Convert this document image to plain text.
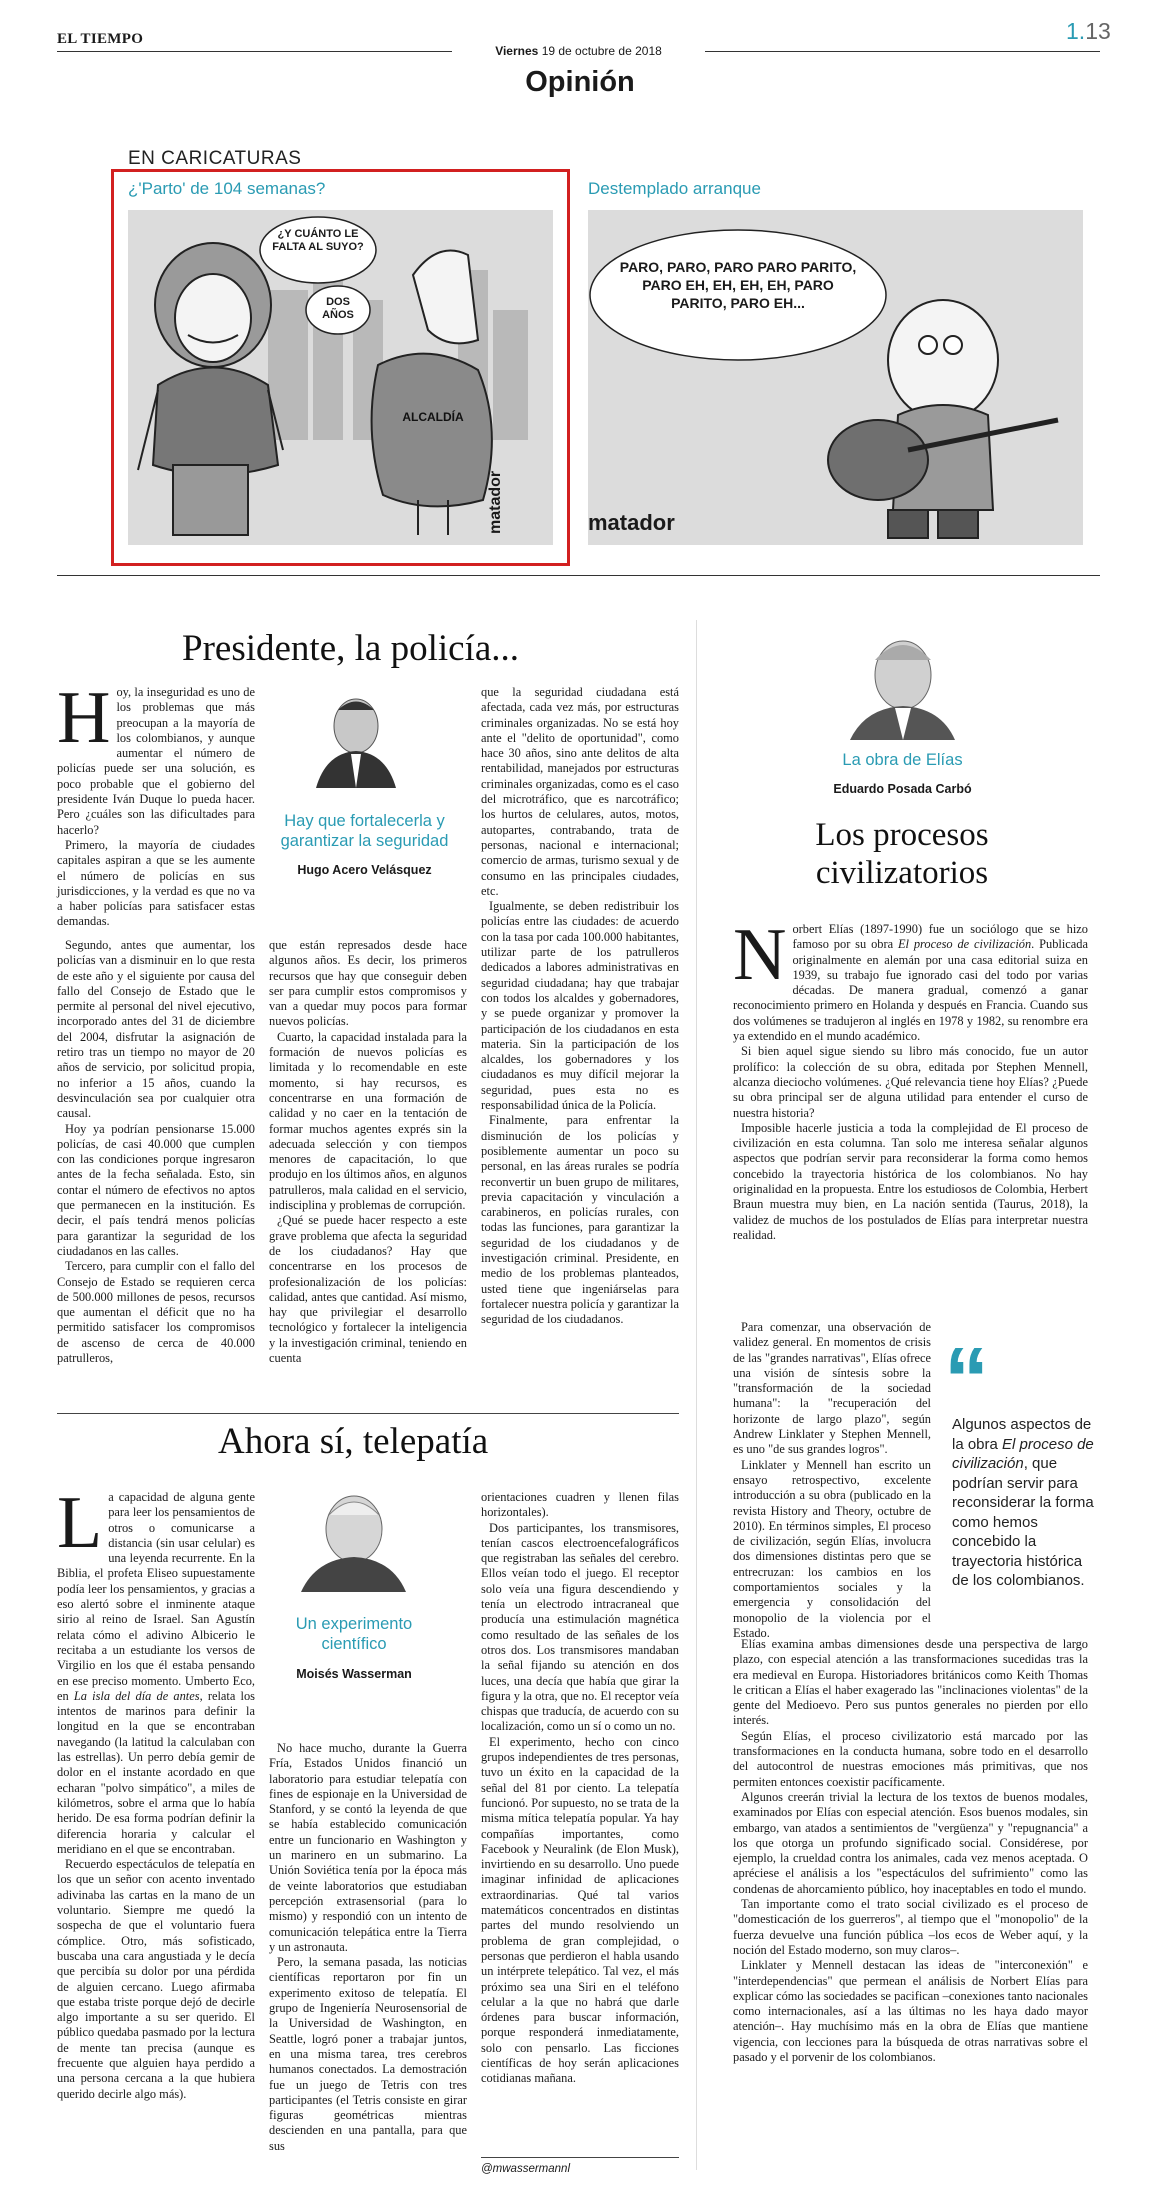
EL TIEMPO
Viernes 19 de octubre de 2018
1.13
Opinión
EN CARICATURAS
¿'Parto' de 104 semanas?	Destemplado arranque
¿Y CUÁNTO LE FALTA AL SUYO?
DOS AÑOS
ALCALDÍA
matador
PARO, PARO, PARO PARO PARITO, PARO EH, EH, EH, EH, PARO PARITO, PARO EH...
matador
Presidente, la policía...
Hay que fortalecerla y garantizar la seguridad
Hugo Acero Velásquez
H oy, la inseguridad es uno de los problemas que más preocupan a la mayoría de los colombianos, y aunque aumentar el número de policías puede ser una solución, es poco probable que el gobierno del presidente Iván Duque lo pueda hacer. Pero ¿cuáles son las dificultades para hacerlo?

Primero, la mayoría de ciudades capitales aspiran a que se les aumente el número de policías en sus jurisdicciones, y la verdad es que no va a haber policías para satisfacer estas demandas.

Segundo, antes que aumentar, los policías van a disminuir en lo que resta de este año y el siguiente por causa del fallo del Consejo de Estado que le permite al personal del nivel ejecutivo, incorporado antes del 31 de diciembre del 2004, disfrutar la asignación de retiro tras un tiempo no mayor de 20 años de servicio, por solicitud propia, no inferior a 15 años, cuando la desvinculación sea por cualquier otra causal.

Hoy ya podrían pensionarse 15.000 policías, de casi 40.000 que cumplen con las condiciones porque ingresaron antes de la fecha señalada. Esto, sin contar el número de efectivos no aptos que permanecen en la institución. Es decir, el país tendrá menos policías para garantizar la seguridad de los ciudadanos en las calles.

Tercero, para cumplir con el fallo del Consejo de Estado se requieren cerca de 500.000 millones de pesos, recursos que aumentan el déficit que no ha permitido satisfacer los compromisos de ascenso de cerca de 40.000 patrulleros,

que están represados desde hace algunos años. Es decir, los primeros recursos que hay que conseguir deben ser para cumplir estos compromisos y van a quedar muy pocos para formar nuevos policías.

Cuarto, la capacidad instalada para la formación de nuevos policías es limitada y lo recomendable en este momento, si hay recursos, es concentrarse en una formación de calidad y no caer en la tentación de formar muchos agentes exprés sin la adecuada selección y con tiempos menores de capacitación, lo que produjo en los últimos años, en algunos patrulleros, mala calidad en el servicio, indisciplina y problemas de corrupción.

¿Qué se puede hacer respecto a este grave problema que afecta la seguridad de los ciudadanos? Hay que concentrarse en los procesos de profesionalización de los policías: calidad, antes que cantidad. Así mismo, hay que privilegiar el desarrollo tecnológico y fortalecer la inteligencia y la investigación criminal, teniendo en cuenta

que la seguridad ciudadana está afectada, cada vez más, por estructuras criminales organizadas. No se está hoy ante el "delito de oportunidad", como hace 30 años, sino ante delitos de alta rentabilidad, manejados por estructuras criminales organizadas, como es el caso del microtráfico, que es narcotráfico; los hurtos de celulares, autos, motos, autopartes, contrabando, trata de personas, nacional e internacional; comercio de armas, turismo sexual y de consumo en las principales ciudades, etc.

Igualmente, se deben redistribuir los policías entre las ciudades: de acuerdo con la tasa por cada 100.000 habitantes, utilizar parte de los patrulleros dedicados a labores administrativas en seguridad ciudadana; hay que trabajar con todos los alcaldes y gobernadores, y se puede organizar y promover la participación de los ciudadanos en esta materia. Sin la participación de los alcaldes, los gobernadores y los ciudadanos es muy difícil mejorar la seguridad, pues esta no es responsabilidad única de la Policía.

Finalmente, para enfrentar la disminución de los policías y posiblemente aumentar un poco su personal, en las áreas rurales se podría reconvertir un buen grupo de militares, previa capacitación y vinculación a carabineros, en policías rurales, con todas las funciones, para garantizar la seguridad de los ciudadanos y de investigación criminal. Presidente, en medio de los problemas planteados, usted tiene que ingeniárselas para fortalecer nuestra policía y garantizar la seguridad de los ciudadanos.

Ahora sí, telepatía
Un experimento científico
Moisés Wasserman
L a capacidad de alguna gente para leer los pensamientos de otros o comunicarse a distancia (sin usar celular) es una leyenda recurrente. En la Biblia, el profeta Eliseo supuestamente podía leer los pensamientos, y gracias a eso alertó sobre el inminente ataque sirio al reino de Israel. San Agustín relata cómo el adivino Albicerio le recitaba a un estudiante los versos de Virgilio en los que él estaba pensando en ese preciso momento. Umberto Eco, en La isla del día de antes, relata los intentos de marinos para definir la longitud en la que se encontraban navegando (la latitud la calculaban con las estrellas). Un perro debía gemir de dolor en el instante acordado en que echaran "polvo simpático", a miles de kilómetros, sobre el arma que lo había herido. De esa forma podrían definir la diferencia horaria y calcular el meridiano en el que se encontraban.

Recuerdo espectáculos de telepatía en los que un señor con acento inventado adivinaba las cartas en la mano de un voluntario. Siempre me quedó la sospecha de que el voluntario fuera cómplice. Otro, más sofisticado, buscaba una cara angustiada y le decía que percibía su dolor por una pérdida de alguien cercano. Luego afirmaba que estaba triste porque dejó de decirle algo importante a su ser querido. El público quedaba pasmado por la lectura de mente tan precisa (aunque es frecuente que alguien haya perdido a una persona cercana a la que hubiera querido decirle algo más).

No hace mucho, durante la Guerra Fría, Estados Unidos financió un laboratorio para estudiar telepatía con fines de espionaje en la Universidad de Stanford, y se contó la leyenda de que se había establecido comunicación entre un funcionario en Washington y un marinero en un submarino. La Unión Soviética tenía por la época más de veinte laboratorios que estudiaban percepción extrasensorial (para lo mismo) y respondió con un intento de comunicación telepática entre la Tierra y un astronauta.

Pero, la semana pasada, las noticias científicas reportaron por fin un experimento exitoso de telepatía. El grupo de Ingeniería Neurosensorial de la Universidad de Washington, en Seattle, logró poner a trabajar juntos, en una misma tarea, tres cerebros humanos conectados. La demostración fue un juego de Tetris con tres participantes (el Tetris consiste en girar figuras geométricas mientras descienden en una pantalla, para que sus

orientaciones cuadren y llenen filas horizontales).

Dos participantes, los transmisores, tenían cascos electroencefalográficos que registraban las señales del cerebro. Ellos veían todo el juego. El receptor solo veía una figura descendiendo y tenía un electrodo intracraneal que producía una estimulación magnética como resultado de las señales de los otros dos. Los transmisores mandaban la señal fijando su atención en dos luces, una decía que había que girar la figura y la otra, que no. El receptor veía chispas que traducía, de acuerdo con su localización, como un sí o como un no.

El experimento, hecho con cinco grupos independientes de tres personas, tuvo un éxito en la capacidad de la señal del 81 por ciento. La telepatía funcionó. Por supuesto, no se trata de la misma mítica telepatía popular. Ya hay compañías importantes, como Facebook y Neuralink (de Elon Musk), invirtiendo en su desarrollo. Uno puede imaginar infinidad de aplicaciones extraordinarias. Qué tal varios matemáticos concentrados en distintas partes del mundo resolviendo un problema de gran complejidad, o personas que perdieron el habla usando un intérprete telepático. Tal vez, el más próximo sea una Siri en el teléfono celular a la que no habrá que darle órdenes para buscar información, porque responderá inmediatamente, solo con pensarlo. Las ficciones científicas de hoy serán aplicaciones cotidianas mañana.

@mwassermannl
La obra de Elías
Eduardo Posada Carbó
Los procesos
civilizatorios
N orbert Elías (1897-1990) fue un sociólogo que se hizo famoso por su obra El proceso de civilización. Publicada originalmente en alemán por una casa editorial suiza en 1939, su trabajo fue ignorado casi del todo por varias décadas. De manera gradual, comenzó a ganar reconocimiento primero en Holanda y después en Francia. Cuando sus dos volúmenes se tradujeron al inglés en 1978 y 1982, su renombre era ya extendido en el mundo académico.

Si bien aquel sigue siendo su libro más conocido, fue un autor prolífico: la colección de su obra, editada por Stephen Mennell, alcanza dieciocho volúmenes. ¿Qué relevancia tiene hoy Elías? ¿Puede su obra principal ser de alguna utilidad para entender el curso de nuestra historia?

Imposible hacerle justicia a toda la complejidad de El proceso de civilización en esta columna. Tan solo me interesa señalar algunos aspectos que podrían servir para reconsiderar la forma como hemos concebido la trayectoria histórica de los colombianos. No hay originalidad en la propuesta. Entre los estudiosos de Colombia, Herbert Braun muestra muy bien, en La nación sentida (Taurus, 2018), la validez de muchos de los postulados de Elías para interpretar nuestra realidad.

Para comenzar, una observación de validez general. En momentos de crisis de las "grandes narrativas", Elías ofrece una visión de síntesis sobre la "transformación de la sociedad humana": la "recuperación del horizonte de largo plazo", según Andrew Linklater y Stephen Mennell, es uno "de sus grandes logros".

Linklater y Mennell han escrito un ensayo retrospectivo, excelente introducción a su obra (publicado en la revista History and Theory, octubre de 2010). En términos simples, El proceso de civilización, según Elías, involucra dos dimensiones distintas pero que se entrecruzan: los cambios en los comportamientos sociales y la emergencia y consolidación del monopolio de la violencia por el Estado.

“
Algunos aspectos de la obra El proceso de civilización, que podrían servir para reconsiderar la forma como hemos concebido la trayectoria histórica de los colombianos.

Elías examina ambas dimensiones desde una perspectiva de largo plazo, con especial atención a las transformaciones sucedidas tras la era medieval en Europa. Historiadores británicos como Keith Thomas le critican a Elías el haber exagerado las "inclinaciones violentas" de la gente del Medioevo. Pero sus puntos generales no pierden por ello interés.

Según Elías, el proceso civilizatorio está marcado por las transformaciones en la conducta humana, sobre todo en el desarrollo del autocontrol de nuestras emociones más primitivas, que nos permiten entonces coexistir pacíficamente.

Algunos creerán trivial la lectura de los textos de buenos modales, examinados por Elías con especial atención. Esos buenos modales, sin embargo, van atados a sentimientos de "vergüenza" y "repugnancia" a los que otorga un profundo significado social. Considérese, por ejemplo, la crueldad contra los animales, cada vez menos aceptada. O apréciese el análisis a los "espectáculos del sufrimiento" como las condenas de ahorcamiento público, hoy inaceptables en todo el mundo.

Tan importante como el trato social civilizado es el proceso de "domesticación de los guerreros", al tiempo que el "monopolio" de la fuerza devuelve una función pública –los ecos de Weber aquí, y la noción del Estado moderno, son muy claros–.

Linklater y Mennell destacan las ideas de "interconexión" e "interdependencias" que permean el análisis de Norbert Elías para explicar cómo las sociedades se pacifican –conexiones tanto nacionales como internacionales, así a las últimas no les haya dado mayor atención–. Hay muchísimo más en la obra de Elías que mantiene vigencia, con lecciones para la búsqueda de otras narrativas sobre el pasado y el porvenir de los colombianos.
